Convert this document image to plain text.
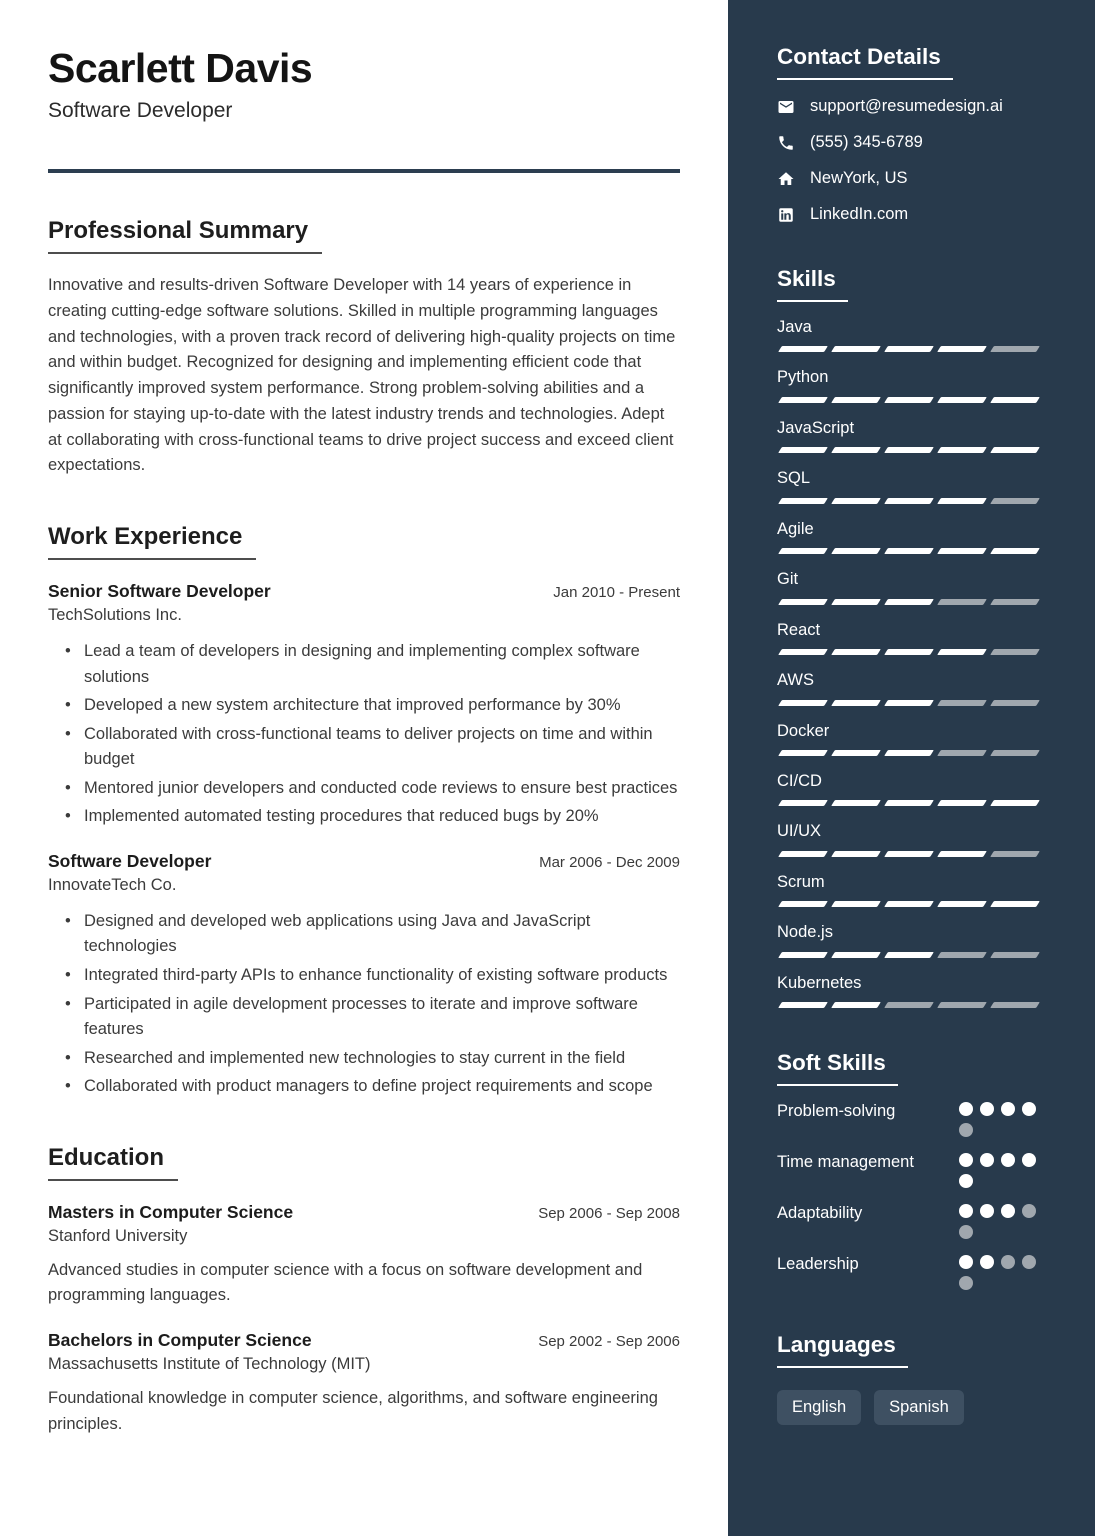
Scarlett Davis
Software Developer
Professional Summary

Innovative and results-driven Software Developer with 14 years of experience in creating cutting-edge software solutions. Skilled in multiple programming languages and technologies, with a proven track record of delivering high-quality projects on time and within budget. Recognized for designing and implementing efficient code that significantly improved system performance. Strong problem-solving abilities and a passion for staying up-to-date with the latest industry trends and technologies. Adept at collaborating with cross-functional teams to drive project success and exceed client expectations.

Work Experience
Senior Software Developer	Jan 2010 - Present
TechSolutions Inc.
• Lead a team of developers in designing and implementing complex software solutions
• Developed a new system architecture that improved performance by 30%
• Collaborated with cross-functional teams to deliver projects on time and within budget
• Mentored junior developers and conducted code reviews to ensure best practices
• Implemented automated testing procedures that reduced bugs by 20%
Software Developer	Mar 2006 - Dec 2009
InnovateTech Co.
• Designed and developed web applications using Java and JavaScript technologies
• Integrated third-party APIs to enhance functionality of existing software products
• Participated in agile development processes to iterate and improve software features
• Researched and implemented new technologies to stay current in the field
• Collaborated with product managers to define project requirements and scope
Education
Masters in Computer Science	Sep 2006 - Sep 2008
Stanford University

Advanced studies in computer science with a focus on software development and programming languages.

Bachelors in Computer Science	Sep 2002 - Sep 2006
Massachusetts Institute of Technology (MIT)

Foundational knowledge in computer science, algorithms, and software engineering principles.

Contact Details
support@resumedesign.ai
(555) 345-6789
NewYork, US
LinkedIn.com
Skills
Java
Python
JavaScript
SQL
Agile
Git
React
AWS
Docker
CI/CD
UI/UX
Scrum
Node.js
Kubernetes
Soft Skills
Problem-solving
Time management
Adaptability
Leadership
Languages
English	Spanish
